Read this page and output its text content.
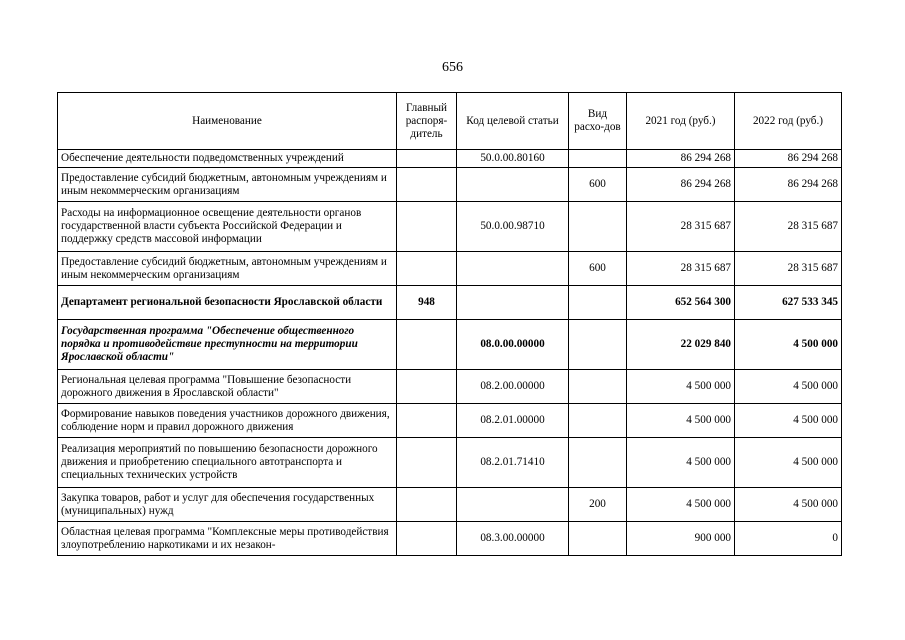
656
Наименование	Главный распоря-дитель	Код целевой статьи	Вид расхо-дов	2021 год (руб.)	2022 год (руб.)
Обеспечение деятельности подведомственных учреждений		50.0.00.80160		86 294 268	86 294 268
Предоставление субсидий бюджетным, автономным учреждениям и иным некоммерческим организациям			600	86 294 268	86 294 268
Расходы на информационное освещение деятельности органов государственной власти субъекта Российской Федерации и поддержку средств массовой информации		50.0.00.98710		28 315 687	28 315 687
Предоставление субсидий бюджетным, автономным учреждениям и иным некоммерческим организациям			600	28 315 687	28 315 687
Департамент региональной безопасности Ярославской области	948			652 564 300	627 533 345
Государственная программа "Обеспечение общественного порядка и противодействие преступности на территории Ярославской области"		08.0.00.00000		22 029 840	4 500 000
Региональная целевая программа "Повышение безопасности дорожного движения в Ярославской области"		08.2.00.00000		4 500 000	4 500 000
Формирование навыков поведения участников дорожного движения, соблюдение норм и правил дорожного движения		08.2.01.00000		4 500 000	4 500 000
Реализация мероприятий по повышению безопасности дорожного движения и приобретению специального автотранспорта и специальных технических устройств		08.2.01.71410		4 500 000	4 500 000
Закупка товаров, работ и услуг для обеспечения государственных (муниципальных) нужд			200	4 500 000	4 500 000
Областная целевая программа "Комплексные меры противодействия злоупотреблению наркотиками и их незакон-		08.3.00.00000		900 000	0
